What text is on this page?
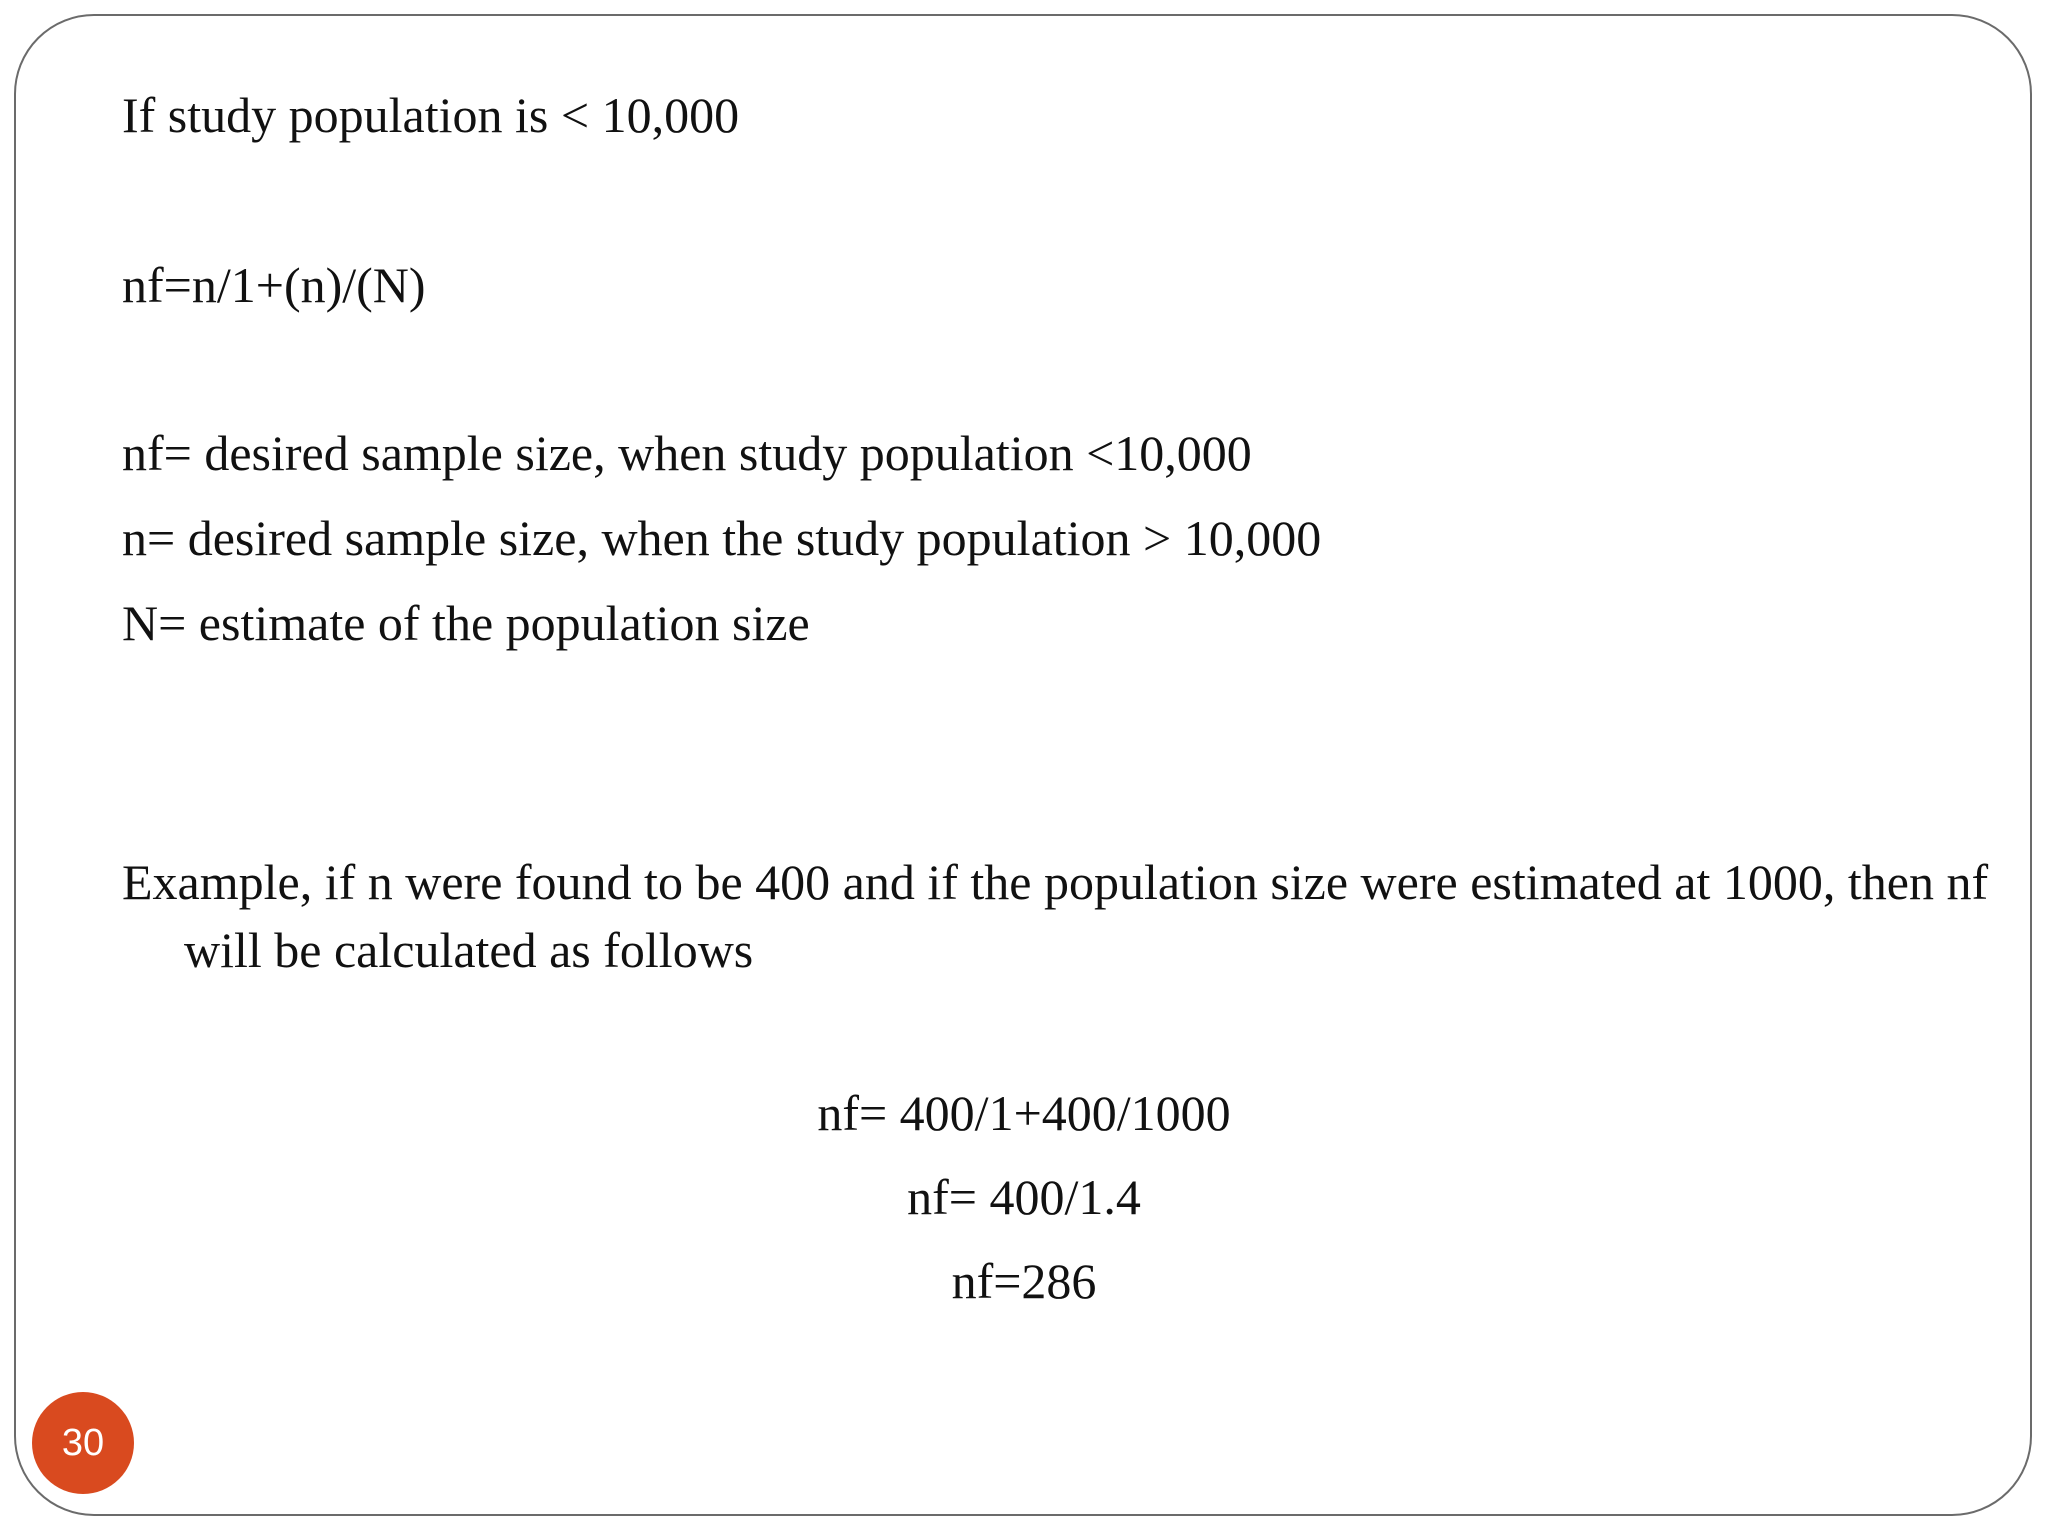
If study population is < 10,000
nf=n/1+(n)/(N)
nf= desired sample size, when study population <10,000
n= desired sample size, when the study population > 10,000
N= estimate of the population size
Example, if n were found to be 400 and if the population size were estimated at 1000, then nf will be calculated as follows
nf= 400/1+400/1000
nf= 400/1.4
nf=286
30
